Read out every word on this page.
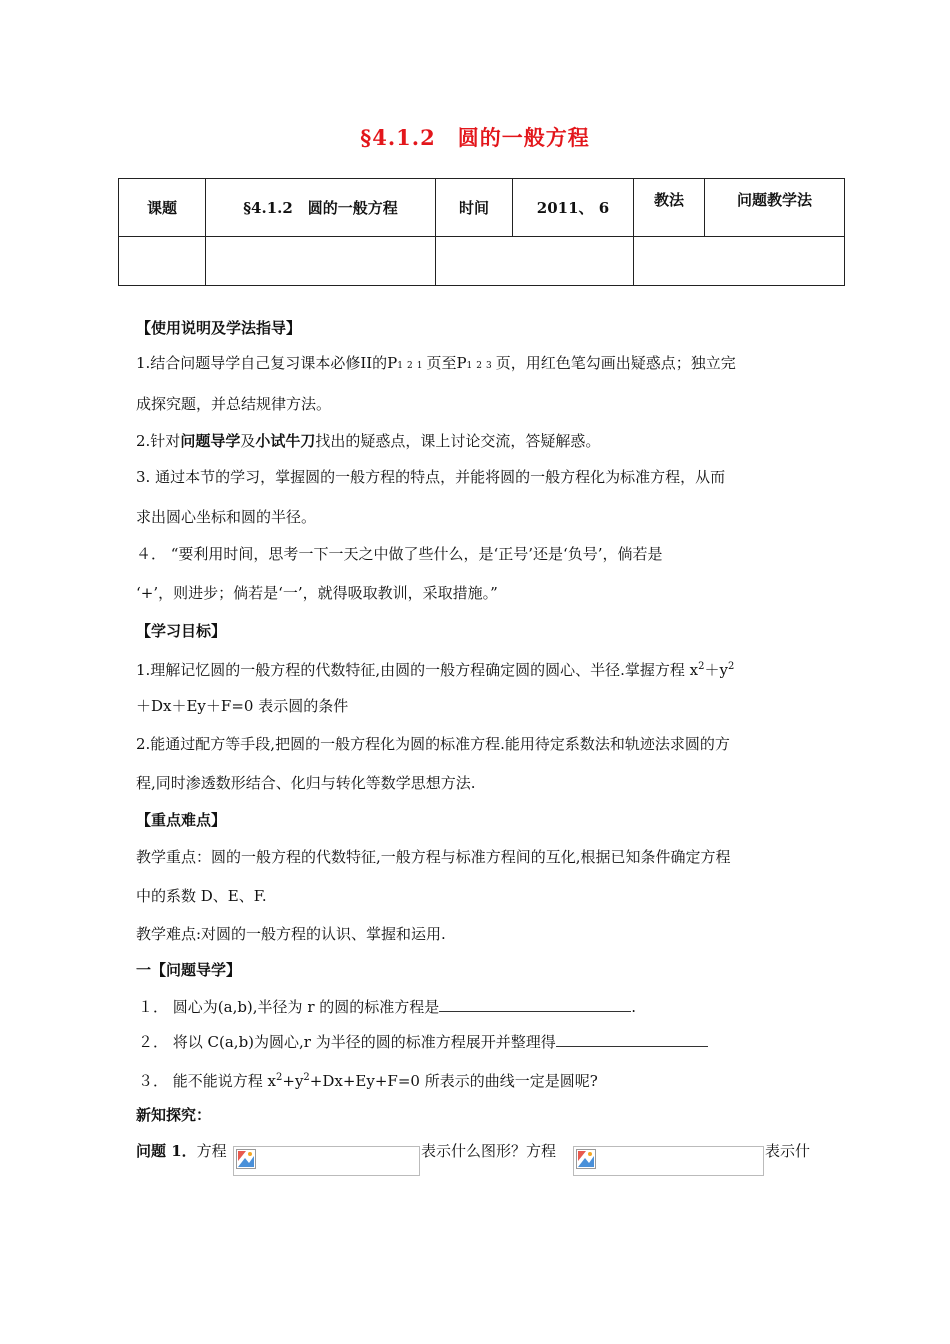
§4.1.2　圆的一般方程
课题	§4.1.2　圆的一般方程	时间	2011、 6	教法	问题教学法

【使用说明及学法指导】
1.结合问题导学自己复习课本必修II的P121页至P123页，用红色笔勾画出疑惑点；独立完
成探究题，并总结规律方法。
2.针对问题导学及小试牛刀找出的疑惑点，课上讨论交流，答疑解惑。
3. 通过本节的学习，掌握圆的一般方程的特点，并能将圆的一般方程化为标准方程，从而
求出圆心坐标和圆的半径。
４． “要利用时间，思考一下一天之中做了些什么，是‘正号’还是‘负号’，倘若是
‘+’，则进步；倘若是‘一’，就得吸取教训，采取措施。”
【学习目标】
1.理解记忆圆的一般方程的代数特征,由圆的一般方程确定圆的圆心、半径.掌握方程 $x^2+y^2$
＋Dx＋Ey＋F=0 表示圆的条件
2.能通过配方等手段,把圆的一般方程化为圆的标准方程.能用待定系数法和轨迹法求圆的方
程,同时渗透数形结合、化归与转化等数学思想方法.
【重点难点】
教学重点：圆的一般方程的代数特征,一般方程与标准方程间的互化,根据已知条件确定方程
中的系数 D、E、F.
教学难点:对圆的一般方程的认识、掌握和运用.
一【问题导学】
１． 圆心为(a,b),半径为 r 的圆的标准方程是	.
２． 将以 C(a,b)为圆心,r 为半径的圆的标准方程展开并整理得
３． 能不能说方程 $x^2+y^2+Dx+Ey+F=0$ 所表示的曲线一定是圆呢?
新知探究：
问题 1．方程	表示什么图形？方程	表示什
